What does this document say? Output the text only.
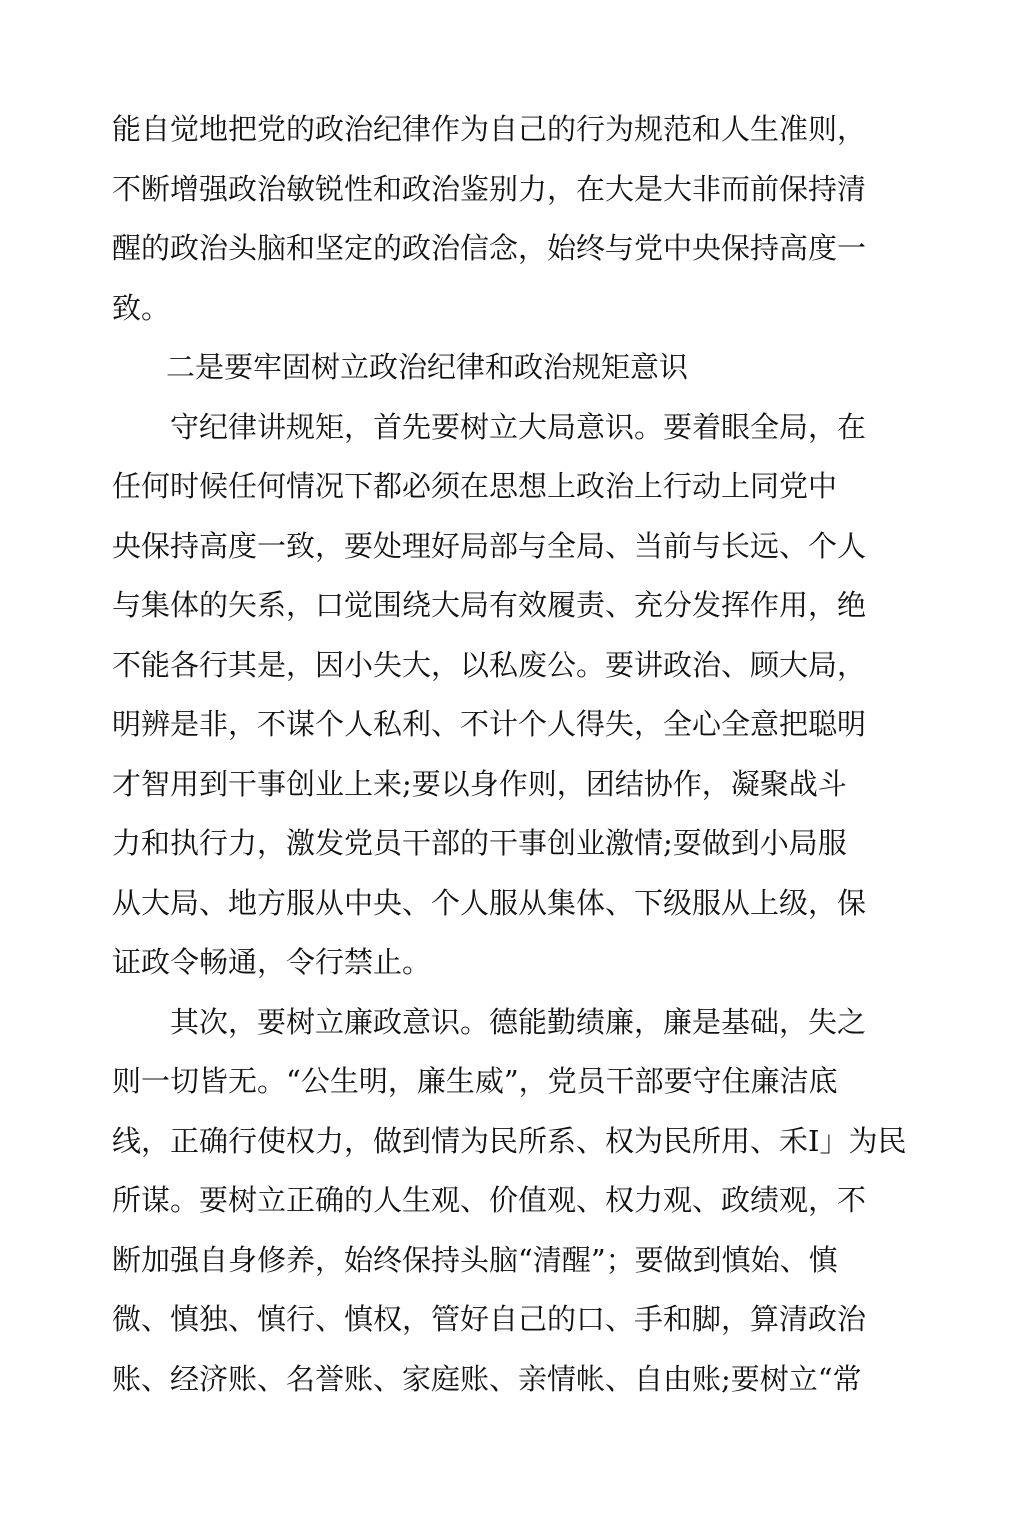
能自觉地把党的政治纪律作为自己的行为规范和人生准则，
不断增强政治敏锐性和政治鉴别力，在大是大非而前保持清
醒的政治头脑和坚定的政治信念，始终与党中央保持高度一
致。
二是要牢固树立政治纪律和政治规矩意识
守纪律讲规矩，首先要树立大局意识。要着眼全局，在
任何时候任何情况下都必须在思想上政治上行动上同党中
央保持高度一致，要处理好局部与全局、当前与长远、个人
与集体的矢系，口觉围绕大局有效履责、充分发挥作用，绝
不能各行其是，因小失大，以私废公。要讲政治、顾大局，
明辨是非，不谋个人私利、不计个人得失，全心全意把聪明
才智用到干事创业上来;要以身作则，团结协作，凝聚战斗
力和执行力，激发党员干部的干事创业激情;耍做到小局服
从大局、地方服从中央、个人服从集体、下级服从上级，保
证政令畅通，令行禁止。
其次，要树立廉政意识。德能勤绩廉，廉是基础，失之
则一切皆无。“公生明，廉生威”，党员干部要守住廉洁底
线，正确行使权力，做到情为民所系、权为民所用、禾I」为民
所谋。要树立正确的人生观、价值观、权力观、政绩观，不
断加强自身修养，始终保持头脑“清醒”；要做到慎始、慎
微、慎独、慎行、慎权，管好自己的口、手和脚，算清政治
账、经济账、名誉账、家庭账、亲情帐、自由账;要树立“常
